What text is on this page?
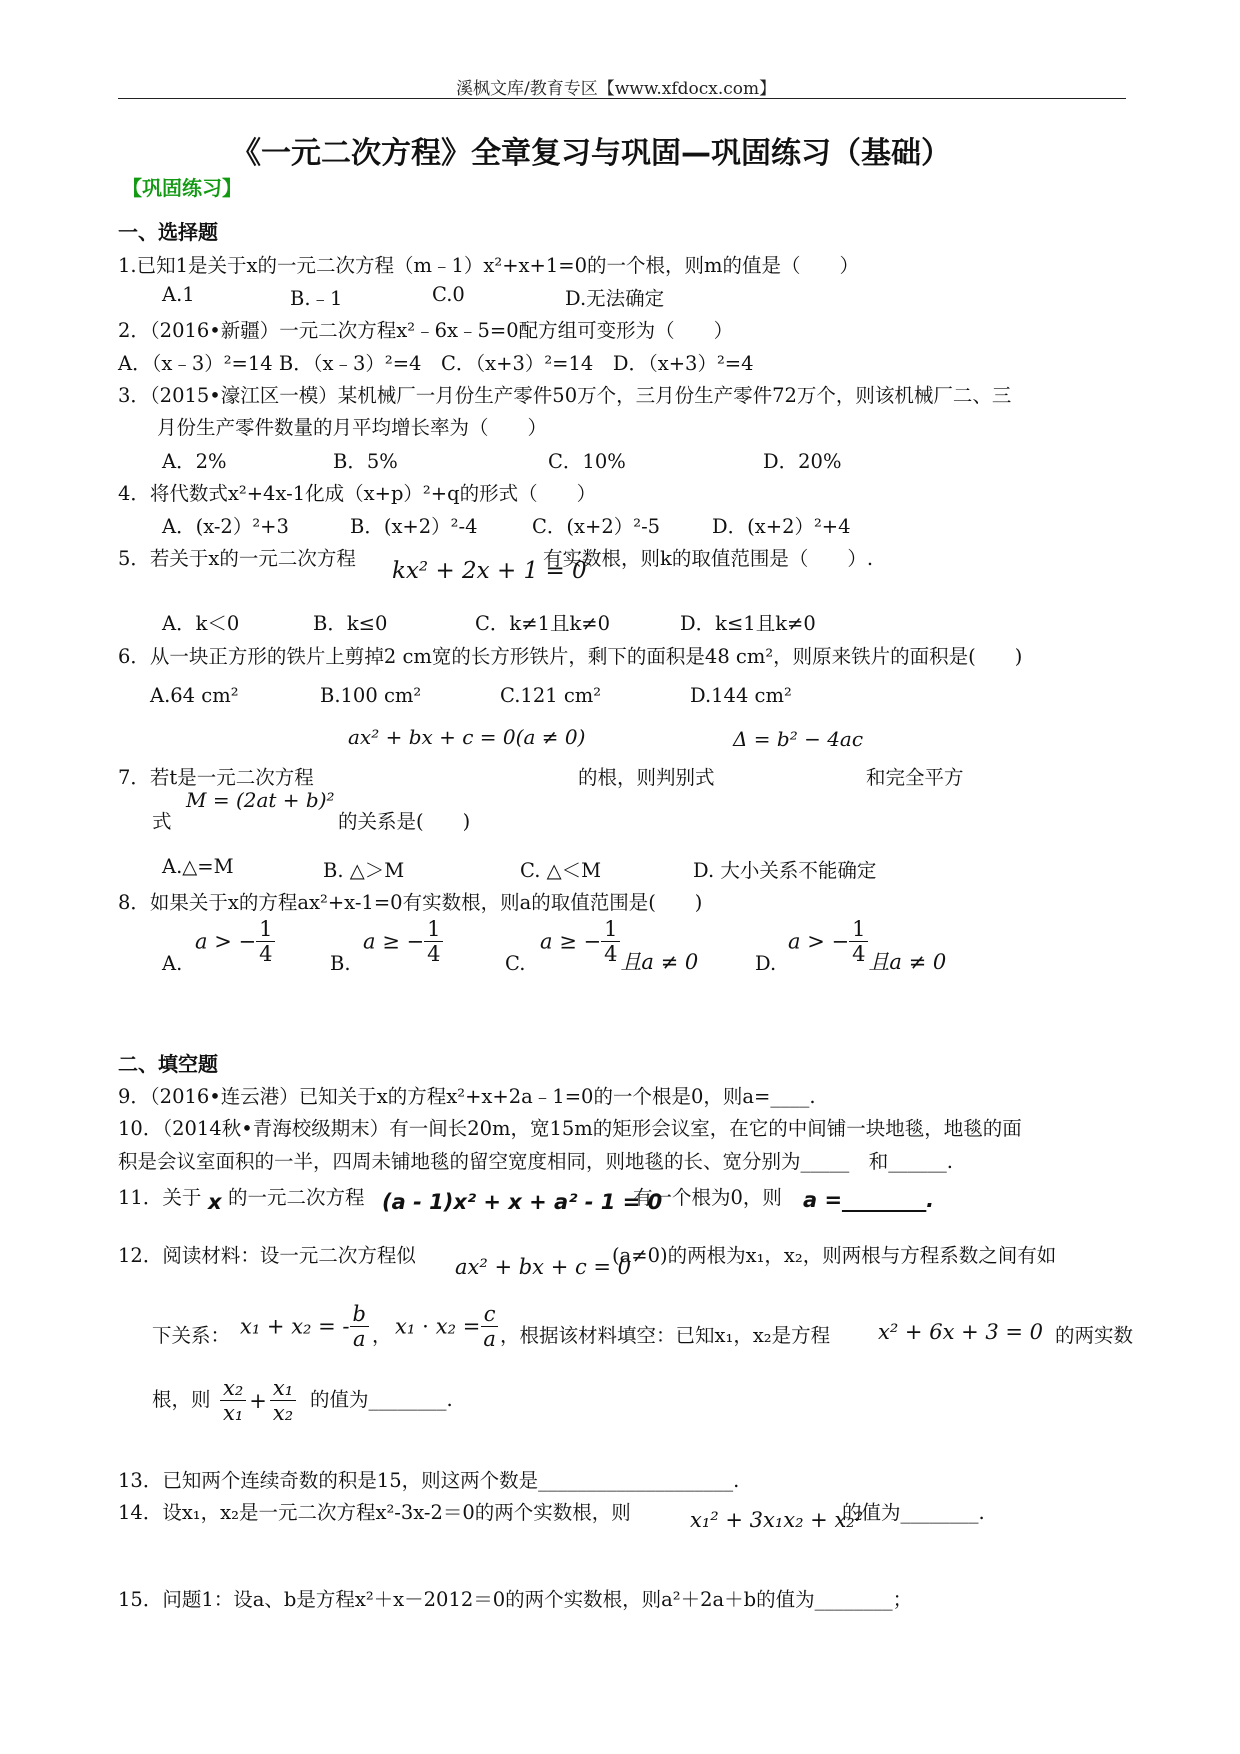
溪枫文库/教育专区【www.xfdocx.com】
《一元二次方程》全章复习与巩固—巩固练习（基础）
【巩固练习】
一、选择题
1.已知1是关于x的一元二次方程（m﹣1）x²+x+1=0的一个根，则m的值是（　　）
A.1	B.﹣1	C.0	D.无法确定
2．（2016•新疆）一元二次方程x²﹣6x﹣5=0配方组可变形为（　　）
A．（x﹣3）²=14 B．（x﹣3）²=4　C．（x+3）²=14　D．（x+3）²=4
3．（2015•濠江区一模）某机械厂一月份生产零件50万个，三月份生产零件72万个，则该机械厂二、三
月份生产零件数量的月平均增长率为（　　）
A．2%	B．5%	C．10%	D．20%
4．将代数式x²+4x-1化成（x+p）²+q的形式（　　）
A．(x-2）²+3	B．(x+2）²-4	C．(x+2）²-5	D．(x+2）²+4
5．若关于x的一元二次方程 kx² + 2x + 1 = 0
有实数根，则k的取值范围是（　　）.
A．k＜0	B．k≤0	C．k≠1且k≠0	D．k≤1且k≠0
6．从一块正方形的铁片上剪掉2 cm宽的长方形铁片，剩下的面积是48 cm²，则原来铁片的面积是(　　)
A.64 cm²	B.100 cm²	C.121 cm²	D.144 cm²
ax² + bx + c = 0(a ≠ 0)	Δ = b² − 4ac
7．若t是一元二次方程	的根，则判别式	和完全平方
式
M = (2at + b)²
的关系是(　　)
A.△=M	B. △＞M	C. △＜M	D. 大小关系不能确定
8．如果关于x的方程ax²+x-1=0有实数根，则a的取值范围是(　　)
A.
a > − $\frac{1}{4}$	B.
a ≥ − $\frac{1}{4}$	C.
a ≥ − $\frac{1}{4}$ 且a ≠ 0	D.
a > − $\frac{1}{4}$ 且a ≠ 0
二、填空题
9．（2016•连云港）已知关于x的方程x²+x+2a﹣1=0的一个根是0，则a=____.
10．（2014秋•青海校级期末）有一间长20m，宽15m的矩形会议室，在它的中间铺一块地毯，地毯的面
积是会议室面积的一半，四周未铺地毯的留空宽度相同，则地毯的长、宽分别为_____　和______.
11．关于 x 的一元二次方程 (a - 1)x² + x + a² - 1 = 0
有一个根为0，则 a =________.
12．阅读材料：设一元二次方程似 ax² + bx + c = 0
(a≠0)的两根为x₁，x₂，则两根与方程系数之间有如
下关系： x₁ + x₂ = - $\frac{b}{a}$ ， $x_1 \cdot x_2 = \frac{c}{a}$ ，根据该材料填空：已知x₁，x₂是方程 x² + 6x + 3 = 0 的两实数
根，则 $\frac{\text{x₂}}{\text{x₁}} + \frac{\text{x₁}}{\text{x₂}}$ 的值为________.
13．已知两个连续奇数的积是15，则这两个数是____________________.
14．设x₁，x₂是一元二次方程x²-3x-2＝0的两个实数根，则	x₁² + 3x₁x₂ + x₂²
的值为________.
15．问题1：设a、b是方程x²＋x－2012＝0的两个实数根，则a²＋2a＋b的值为________；
